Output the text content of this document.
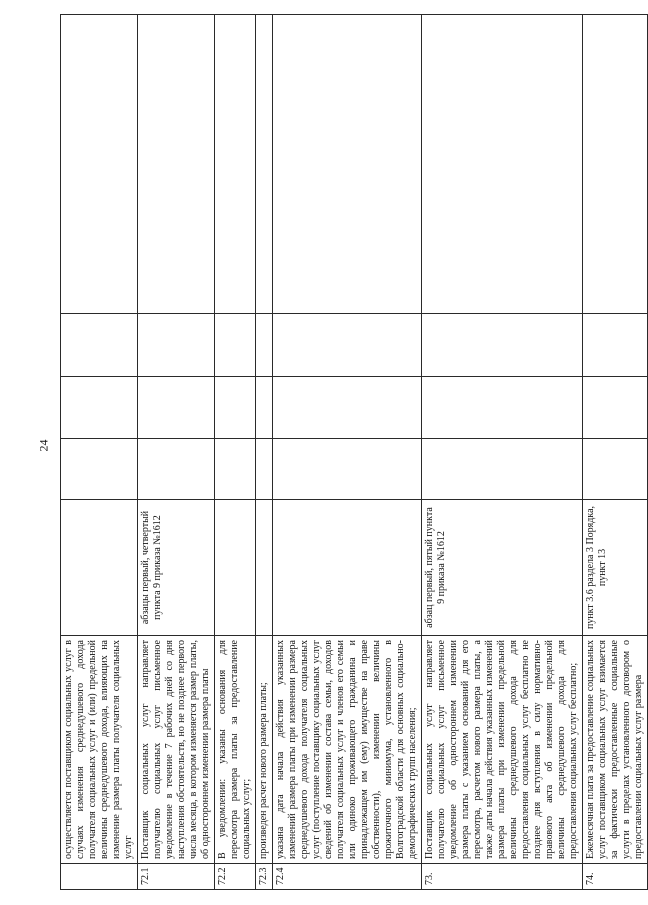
24
	осуществляется поставщиком социальных услуг в случаях изменения среднедушевого дохода получателя социальных услуг и (или) предельной величины среднедушевого дохода, влияющих на изменение размера платы получателя социальных услуг					
72.1	Поставщик социальных услуг направляет получателю социальных услуг письменное уведомление в течение 7 рабочих дней со дня наступления обстоятельств, но не позднее первого числа месяца, в котором изменяется размер платы, об одностороннем изменении размера платы	абзацы первый, четвертый пункта 9 приказа №1612				
72.2	В уведомлении: указаны основания для пересмотра размера платы за предоставление социальных услуг;					
72.3	произведен расчет нового размера платы;					
72.4	указана дата начала действия указанных изменений размера платы при изменении размера среднедушевого дохода получателя социальных услуг (поступление поставщику социальных услуг сведений об изменении состава семьи, доходов получателя социальных услуг и членов его семьи или одиноко проживающего гражданина и принадлежащем им (ему) имуществе на праве собственности), изменении величины прожиточного минимума, установленного в Волгоградской области для основных социально-демографических групп населения;					
73.	Поставщик социальных услуг направляет получателю социальных услуг письменное уведомление об одностороннем изменении размера платы с указанием оснований для его пересмотра, расчетом нового размера платы, а также даты начала действия указанных изменений размера платы при изменении предельной величины среднедушевого дохода для предоставления социальных услуг бесплатно не позднее дня вступления в силу нормативно-правового акта об изменении предельной величины среднедушевого дохода для предоставления социальных услуг бесплатно;	абзац первый, пятый пункта 9 приказа №1612				
74.	Ежемесячная плата за предоставление социальных услуг поставщиком социальных услуг взимается за фактически предоставленные социальные услуги в пределах установленного договором о предоставлении социальных услуг размера	пункт 3.6 раздела 3 Порядка, пункт 13				
